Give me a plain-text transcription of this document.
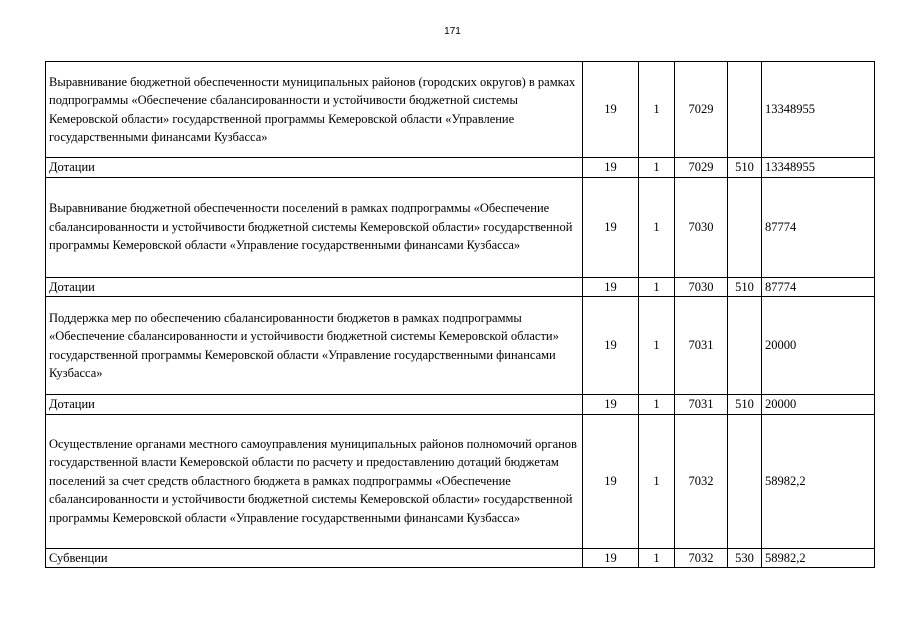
171
Выравнивание бюджетной обеспеченности муниципальных районов (городских округов) в рамках подпрограммы «Обеспечение сбалансированности и устойчивости бюджетной системы Кемеровской области» государственной программы Кемеровской области «Управление государственными финансами Кузбасса»	19	1	7029		13348955
Дотации	19	1	7029	510	13348955
Выравнивание бюджетной обеспеченности поселений в рамках подпрограммы «Обеспечение сбалансированности и устойчивости бюджетной системы Кемеровской области» государственной программы Кемеровской области «Управление государственными финансами Кузбасса»	19	1	7030		87774
Дотации	19	1	7030	510	87774
Поддержка мер по обеспечению сбалансированности бюджетов в рамках подпрограммы «Обеспечение сбалансированности и устойчивости бюджетной системы Кемеровской области» государственной программы Кемеровской области «Управление государственными финансами Кузбасса»	19	1	7031		20000
Дотации	19	1	7031	510	20000
Осуществление органами местного самоуправления муниципальных районов полномочий органов государственной власти Кемеровской области по расчету и предоставлению дотаций бюджетам поселений за счет средств областного бюджета в рамках подпрограммы «Обеспечение сбалансированности и устойчивости бюджетной системы Кемеровской области» государственной программы Кемеровской области «Управление государственными финансами Кузбасса»	19	1	7032		58982,2
Субвенции	19	1	7032	530	58982,2
